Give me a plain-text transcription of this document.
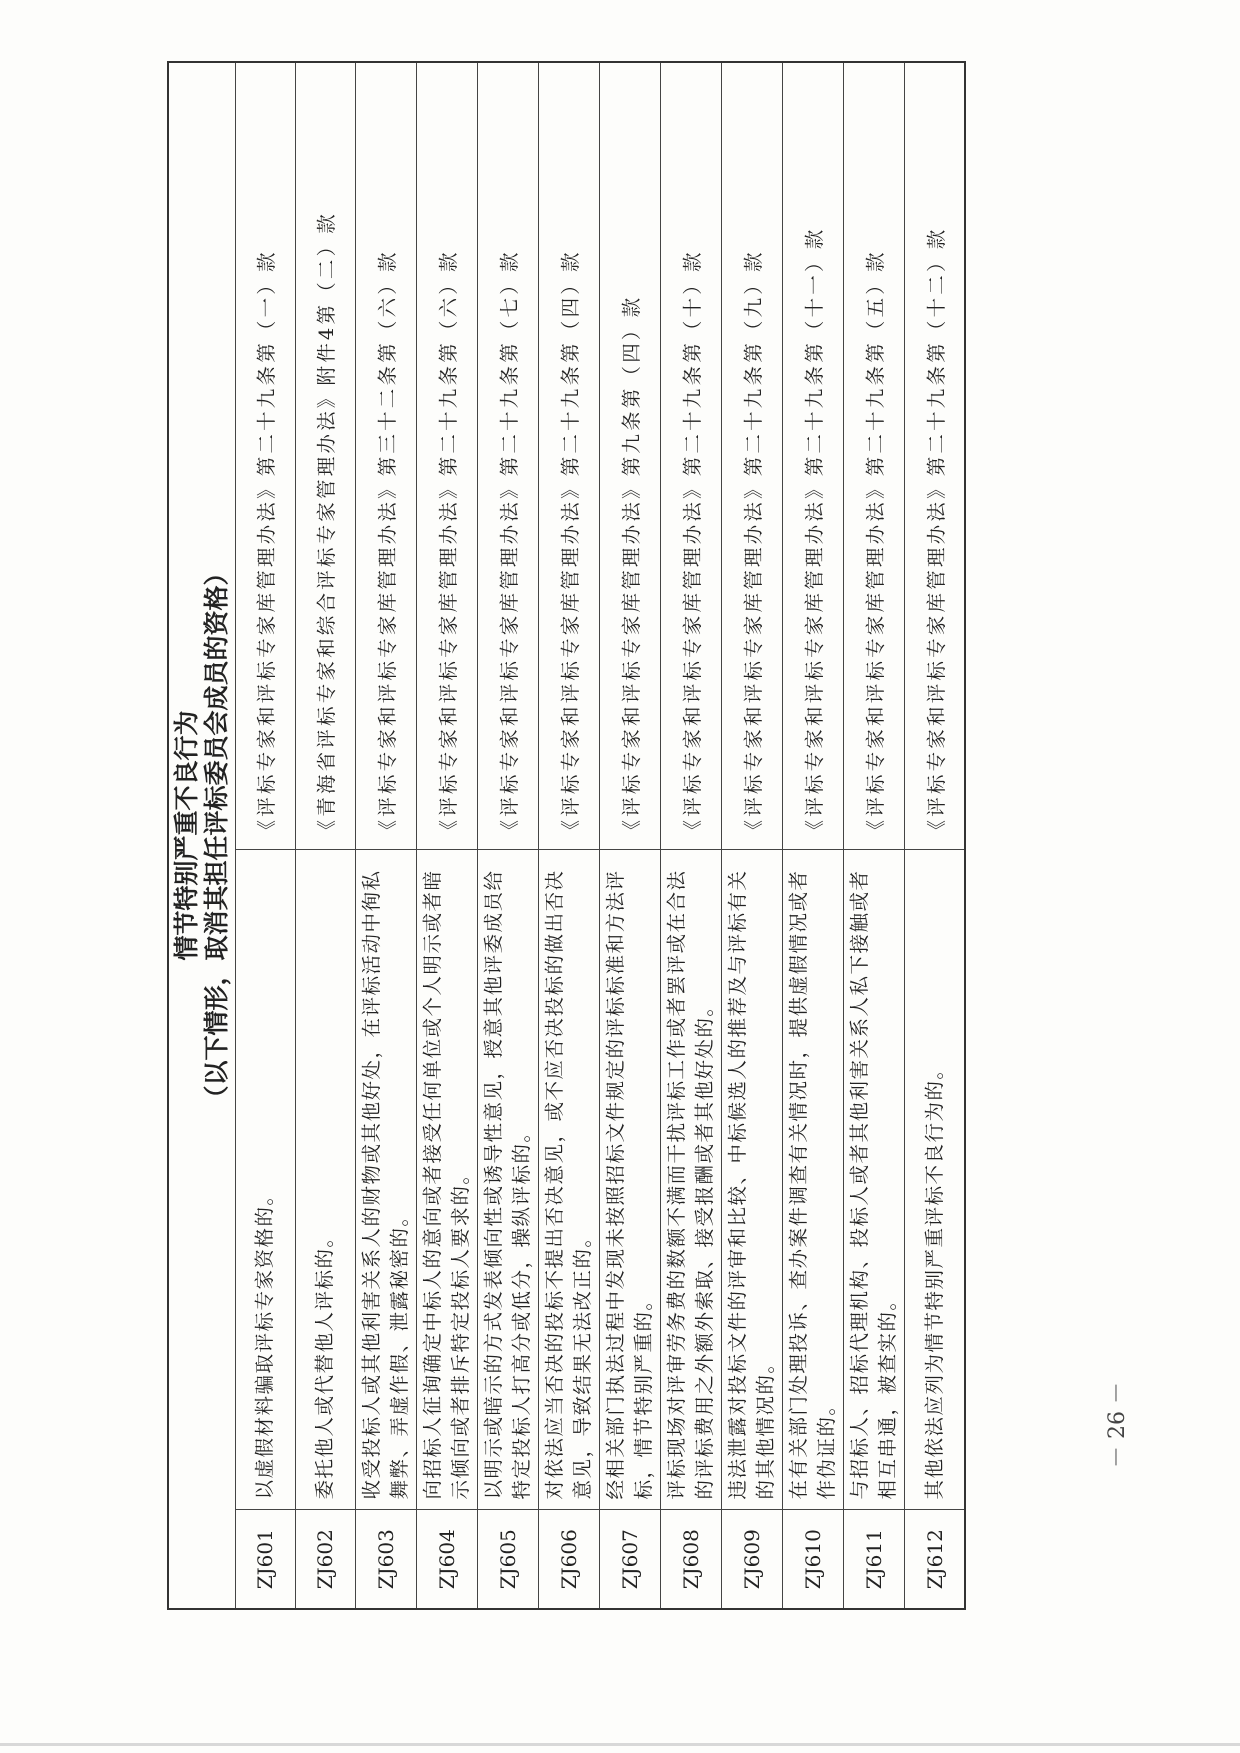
情节特别严重不良行为 （以下情形，取消其担任评标委员会成员的资格）		

ZJ601	以虚假材料骗取评标专家资格的。	《评标专家和评标专家库管理办法》第二十九条第（一）款
ZJ602	委托他人或代替他人评标的。	《青海省评标专家和综合评标专家管理办法》附件4第（二）款
ZJ603	收受投标人或其他利害关系人的财物或其他好处，在评标活动中徇私舞弊、弄虚作假、泄露秘密的。	《评标专家和评标专家库管理办法》第三十二条第（六）款
ZJ604	向招标人征询确定中标人的意向或者接受任何单位或个人明示或者暗示倾向或者排斥特定投标人要求的。	《评标专家和评标专家库管理办法》第二十九条第（六）款
ZJ605	以明示或暗示的方式发表倾向性或诱导性意见，授意其他评委成员给特定投标人打高分或低分，操纵评标的。	《评标专家和评标专家库管理办法》第二十九条第（七）款
ZJ606	对依法应当否决的投标不提出否决意见，或不应否决投标的做出否决意见，导致结果无法改正的。	《评标专家和评标专家库管理办法》第二十九条第（四）款
ZJ607	经相关部门执法过程中发现未按照招标文件规定的评标标准和方法评标，情节特别严重的。	《评标专家和评标专家库管理办法》第九条第（四）款
ZJ608	评标现场对评审劳务费的数额不满而干扰评标工作或者罢评或在合法的评标费用之外额外索取、接受报酬或者其他好处的。	《评标专家和评标专家库管理办法》第二十九条第（十）款
ZJ609	违法泄露对投标文件的评审和比较、中标候选人的推荐及与评标有关的其他情况的。	《评标专家和评标专家库管理办法》第二十九条第（九）款
ZJ610	在有关部门处理投诉、查办案件调查有关情况时，提供虚假情况或者作伪证的。	《评标专家和评标专家库管理办法》第二十九条第（十一）款
ZJ611	与招标人、招标代理机构、投标人或者其他利害关系人私下接触或者相互串通，被查实的。	《评标专家和评标专家库管理办法》第二十九条第（五）款
ZJ612	其他依法应列为情节特别严重评标不良行为的。	《评标专家和评标专家库管理办法》第二十九条第（十二）款
－ 26 －
